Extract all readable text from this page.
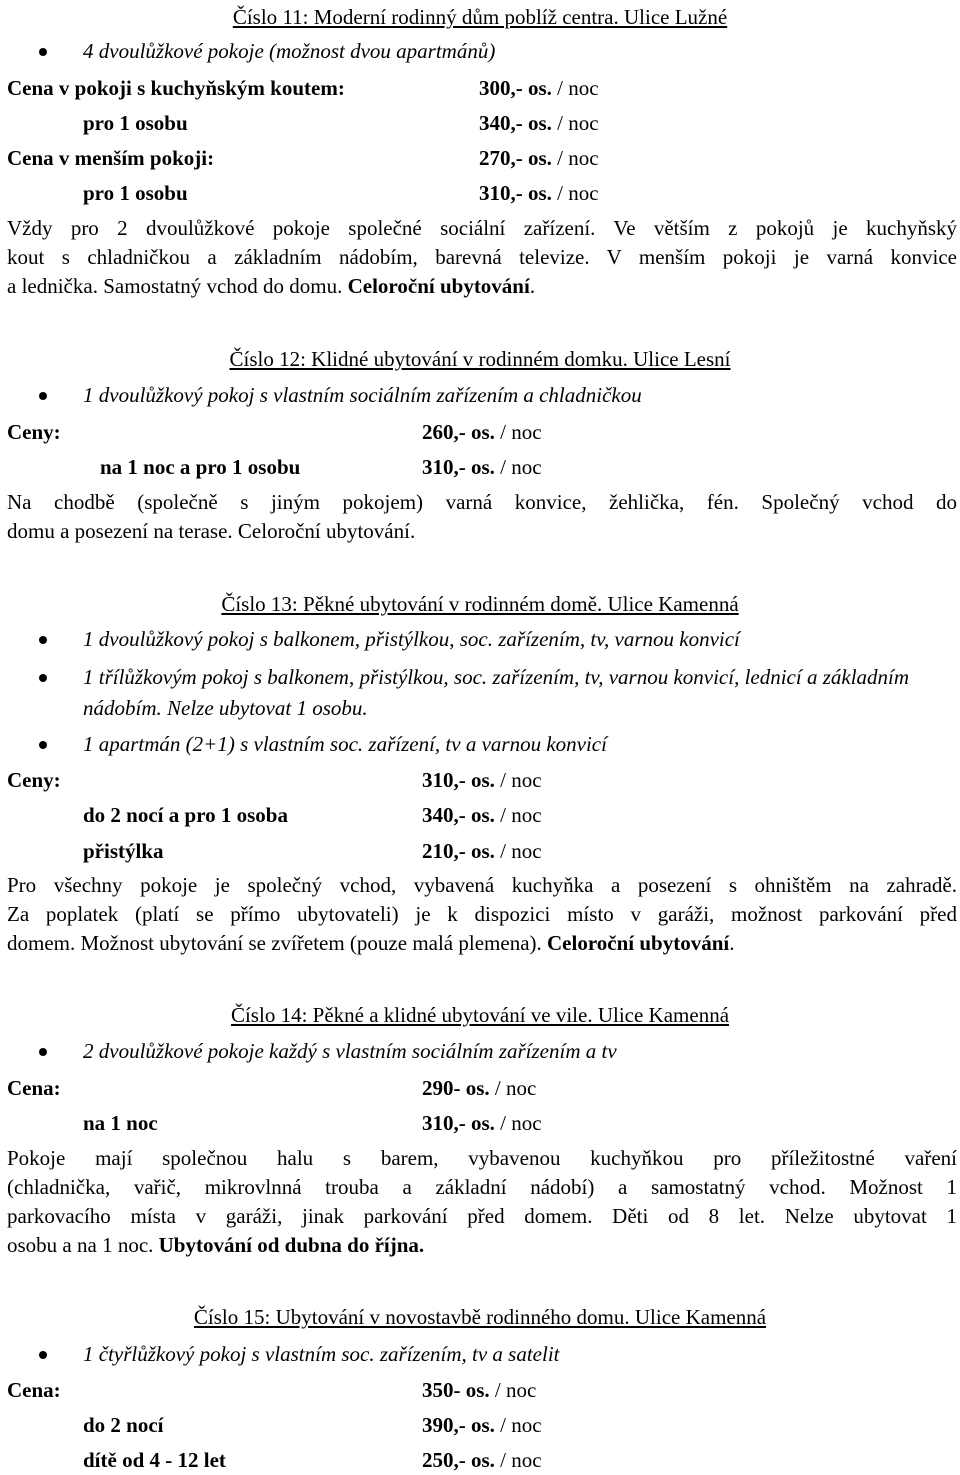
Číslo 11: Moderní rodinný dům poblíž centra. Ulice Lužné
4 dvoulůžkové pokoje (možnost dvou apartmánů)
Cena v pokoji s kuchyňským koutem:	300,- os. / noc
pro 1 osobu	340,- os. / noc
Cena v menším pokoji:	270,- os. / noc
pro 1 osobu	310,- os. / noc
Vždy pro 2 dvoulůžkové pokoje společné sociální zařízení. Ve větším z pokojů je kuchyňský
kout s chladničkou a základním nádobím, barevná televize. V menším pokoji je varná konvice
a lednička. Samostatný vchod do domu. Celoroční ubytování.
Číslo 12: Klidné ubytování v rodinném domku. Ulice Lesní
1 dvoulůžkový pokoj s vlastním sociálním zařízením a chladničkou
Ceny:	260,- os. / noc
na 1 noc a pro 1 osobu	310,- os. / noc
Na chodbě (společně s jiným pokojem) varná konvice, žehlička, fén. Společný vchod do
domu a posezení na terase. Celoroční ubytování.
Číslo 13: Pěkné ubytování v rodinném domě. Ulice Kamenná
1 dvoulůžkový pokoj s balkonem, přistýlkou, soc. zařízením, tv, varnou konvicí
1 třílůžkovým pokoj s balkonem, přistýlkou, soc. zařízením, tv, varnou konvicí, lednicí a základním nádobím. Nelze ubytovat 1 osobu.
1 apartmán (2+1) s vlastním soc. zařízení, tv a varnou konvicí
Ceny:	310,- os. / noc
do 2 nocí a pro 1 osoba	340,- os. / noc
přistýlka	210,- os. / noc
Pro všechny pokoje je společný vchod, vybavená kuchyňka a posezení s ohništěm na zahradě.
Za poplatek (platí se přímo ubytovateli) je k dispozici místo v garáži, možnost parkování před
domem. Možnost ubytování se zvířetem (pouze malá plemena). Celoroční ubytování.
Číslo 14: Pěkné a klidné ubytování ve vile. Ulice Kamenná
2 dvoulůžkové pokoje každý s vlastním sociálním zařízením a tv
Cena:	290- os. / noc
na 1 noc	310,- os. / noc
Pokoje mají společnou halu s barem, vybavenou kuchyňkou pro příležitostné vaření
(chladnička, vařič, mikrovlnná trouba a základní nádobí) a samostatný vchod. Možnost 1
parkovacího místa v garáži, jinak parkování před domem. Děti od 8 let. Nelze ubytovat 1
osobu a na 1 noc. Ubytování od dubna do října.
Číslo 15: Ubytování v novostavbě rodinného domu. Ulice Kamenná
1 čtyřlůžkový pokoj s vlastním soc. zařízením, tv a satelit
Cena:	350- os. / noc
do 2 nocí	390,- os. / noc
dítě od 4 - 12 let	250,- os. / noc
